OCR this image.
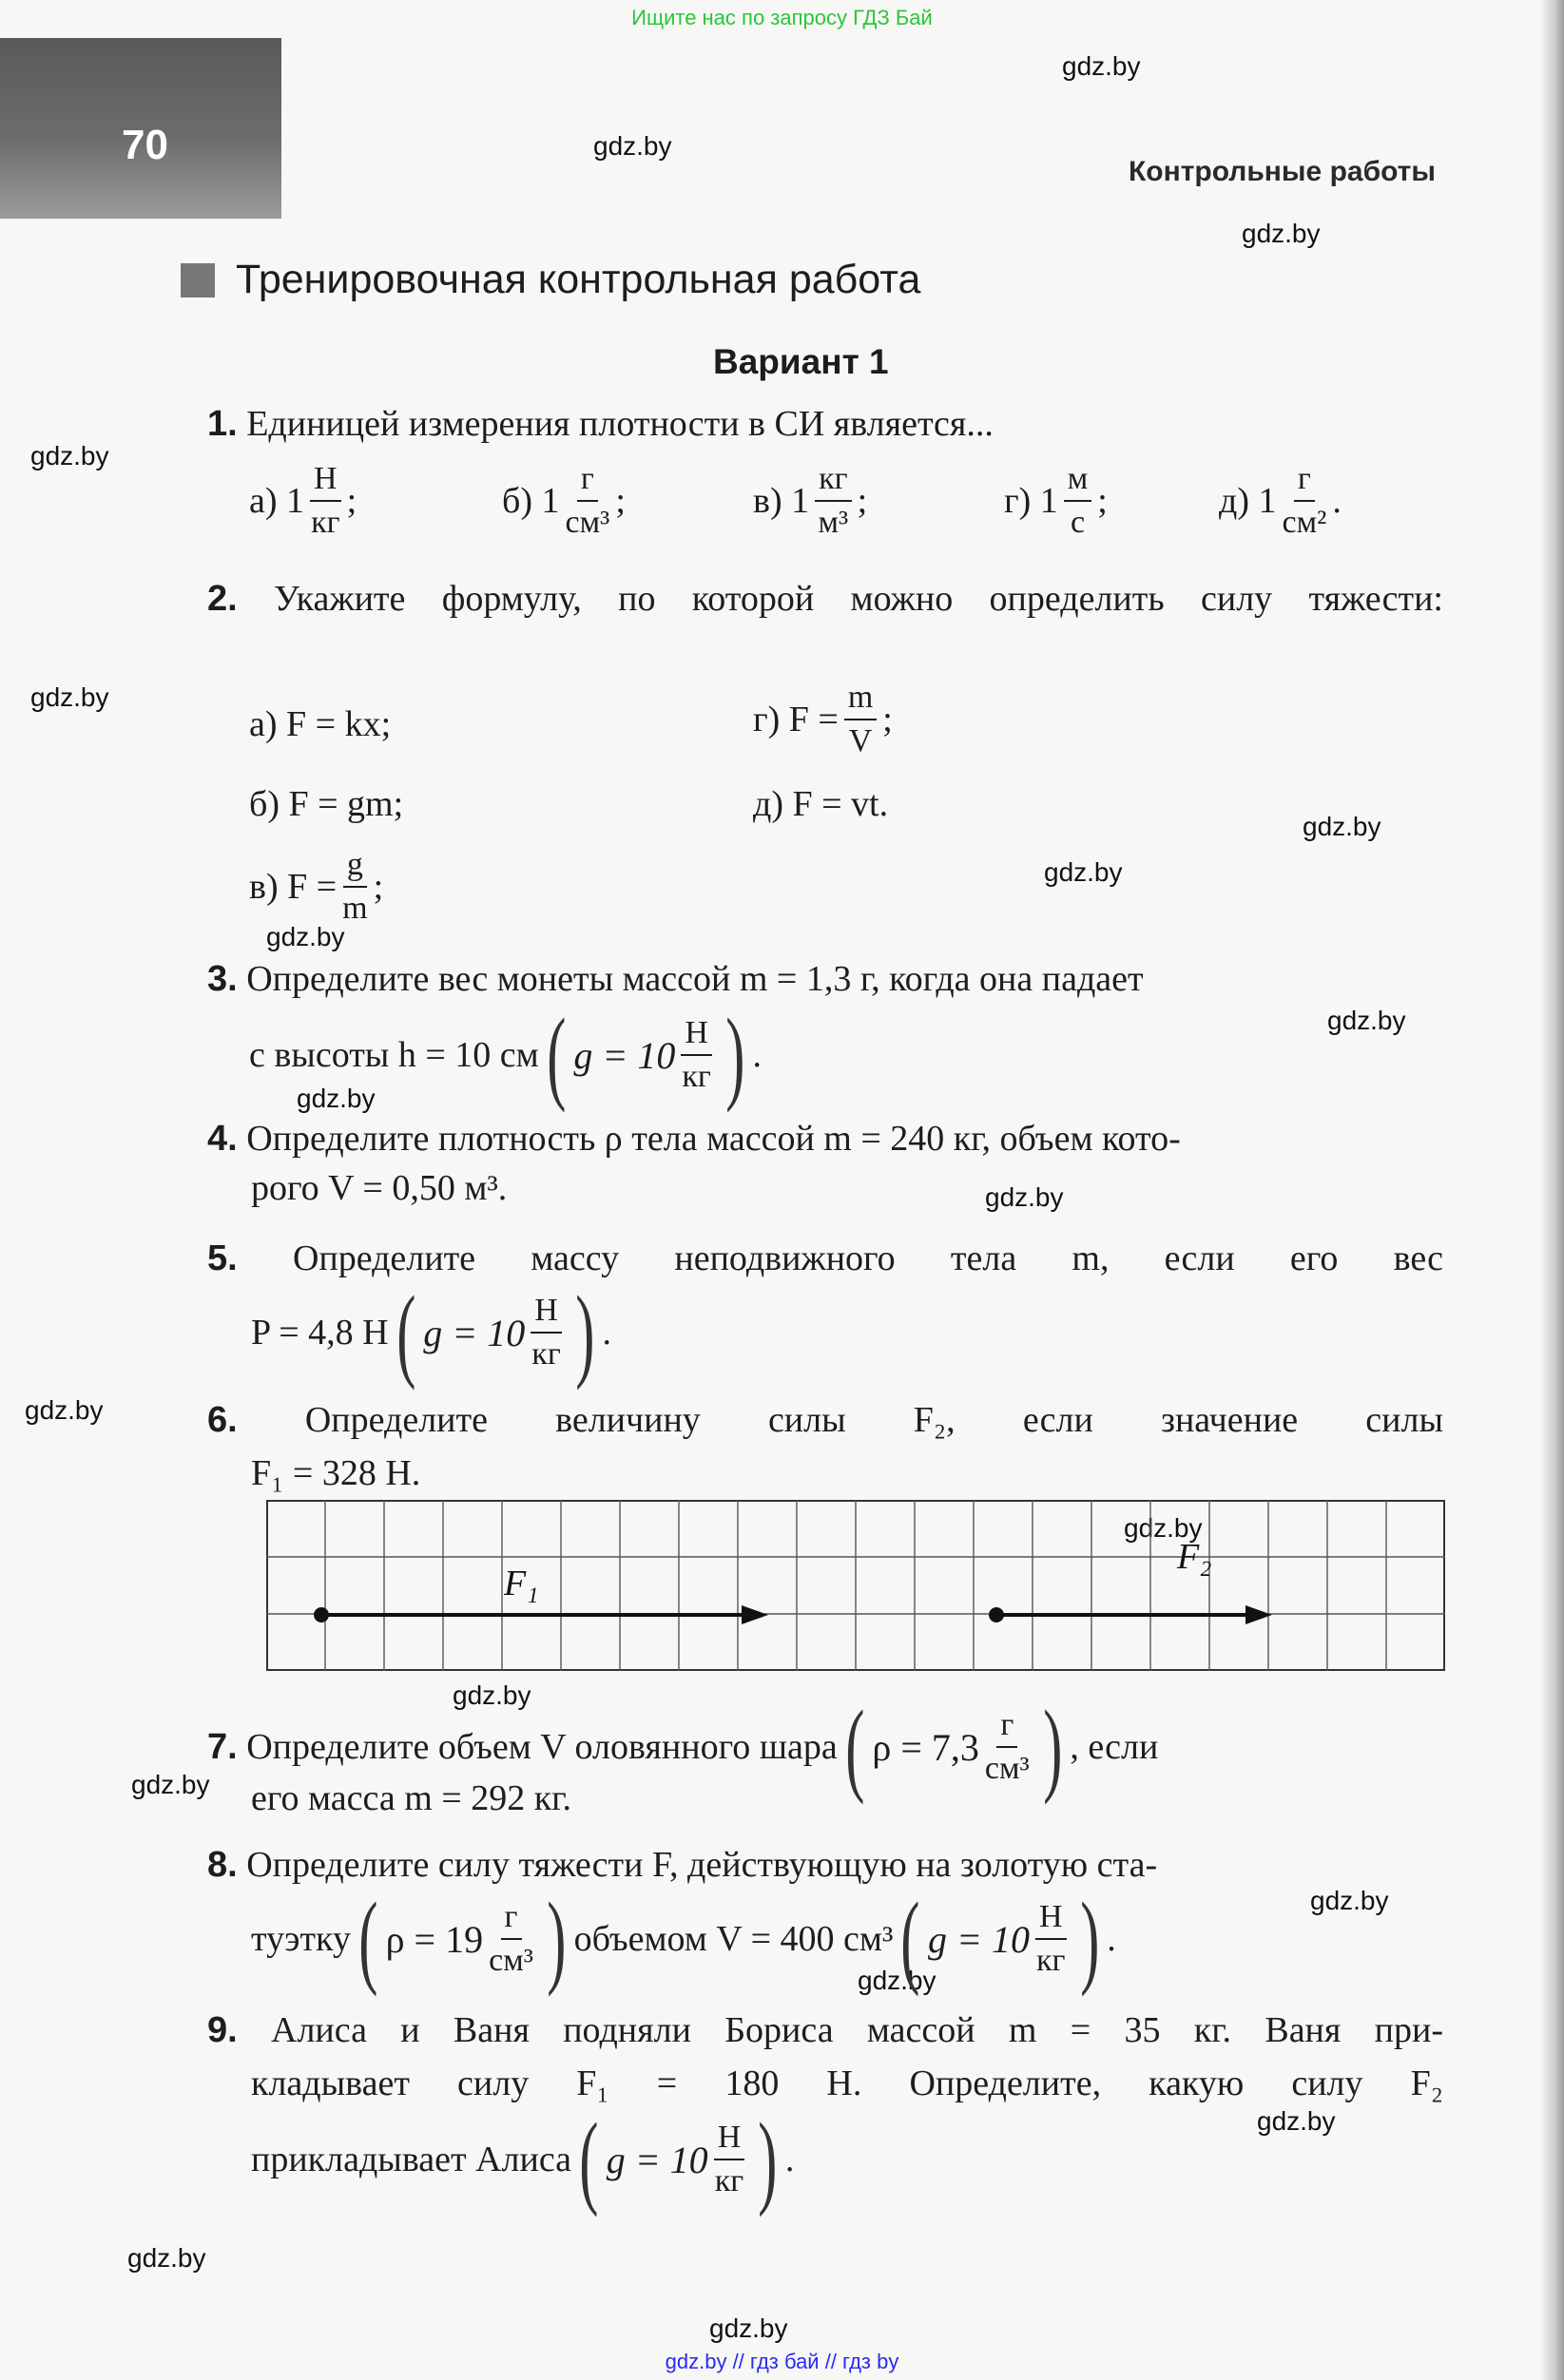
Ищите нас по запросу ГДЗ Бай
70
Контрольные работы
gdz.by
gdz.by
gdz.by
gdz.by
gdz.by
gdz.by
gdz.by
gdz.by
gdz.by
gdz.by
gdz.by
gdz.by
gdz.by
gdz.by
gdz.by
gdz.by
gdz.by
gdz.by
gdz.by
gdz.by
Тренировочная контрольная работа
Вариант 1
1. Единицей измерения плотности в СИ является...
а) $1 \frac{Н}{кг}$ ;	б) $1 \frac{г}{\text{см³}}$ ;	в) $1 \frac{кг}{\text{м³}}$ ;	г) $1 \frac{м}{с}$ ;	д) $1 \frac{г}{\text{см²}}$ .
2. Укажите формулу, по которой можно определить силу тяжести:
а) F = kx;
б) F = gm;
в) $F = \frac{g}{m}$ ;
г) $F = \frac{m}{V}$ ;
д) F = vt.
3. Определите вес монеты массой m = 1,3 г, когда она падает
с высоты h = 10 см ( $g = 10 \frac{Н}{кг}$ ) .
4. Определите плотность ρ тела массой m = 240 кг, объем кото-
рого V = 0,50 м³.
5. Определите массу неподвижного тела m, если его вес
P = 4,8 Н ( $g = 10 \frac{Н}{кг}$ ) .
6. Определите величину силы F₂, если значение силы
F₁ = 328 Н.
F₁
F₂
7.
Определите объем V оловянного шара ( $\rho = 7,3 \frac{г}{\text{см³}}$ ) , если
его масса m = 292 кг.
8. Определите силу тяжести F, действующую на золотую ста-
туэтку ( $\rho = 19 \frac{г}{\text{см³}}$ ) объемом V = 400 см³ ( $g = 10 \frac{Н}{кг}$ ) .
9. Алиса и Ваня подняли Бориса массой m = 35 кг. Ваня при-
кладывает силу F₁ = 180 Н. Определите, какую силу F₂
прикладывает Алиса ( $g = 10 \frac{Н}{кг}$ ) .
gdz.by // гдз бай // гдз by
